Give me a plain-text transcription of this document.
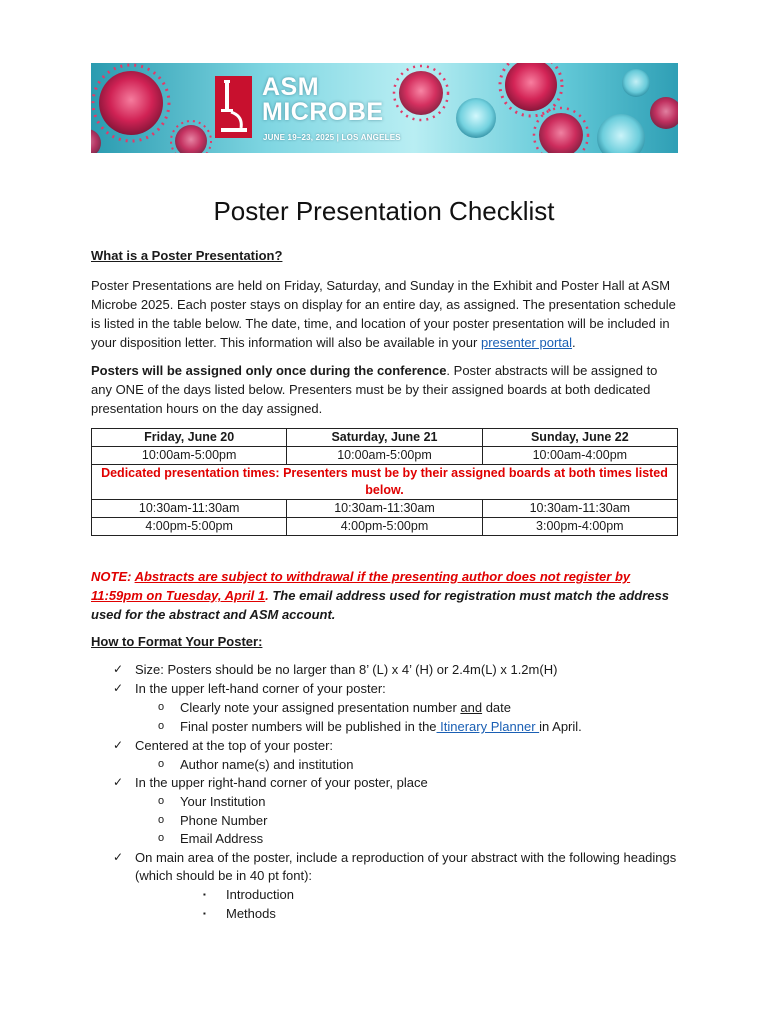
ASM
MICROBE
JUNE 19–23, 2025 | LOS ANGELES
Poster Presentation Checklist
What is a Poster Presentation?
Poster Presentations are held on Friday, Saturday, and Sunday in the Exhibit and Poster Hall at ASM Microbe 2025. Each poster stays on display for an entire day, as assigned. The presentation schedule is listed in the table below. The date, time, and location of your poster presentation will be included in your disposition letter. This information will also be available in your presenter portal.
Posters will be assigned only once during the conference. Poster abstracts will be assigned to any ONE of the days listed below. Presenters must be by their assigned boards at both dedicated presentation hours on the day assigned.
Friday, June 20	Saturday, June 21	Sunday, June 22
10:00am-5:00pm	10:00am-5:00pm	10:00am-4:00pm
Dedicated presentation times: Presenters must be by their assigned boards at both times listed below.		
10:30am-11:30am	10:30am-11:30am	10:30am-11:30am
4:00pm-5:00pm	4:00pm-5:00pm	3:00pm-4:00pm
NOTE: Abstracts are subject to withdrawal if the presenting author does not register by 11:59pm on Tuesday, April 1. The email address used for registration must match the address used for the abstract and ASM account.
How to Format Your Poster:
✓ Size: Posters should be no larger than 8’ (L) x 4’ (H) or 2.4m(L) x 1.2m(H)
✓ In the upper left-hand corner of your poster:
o Clearly note your assigned presentation number and date
o Final poster numbers will be published in the Itinerary Planner in April.
✓ Centered at the top of your poster:
o Author name(s) and institution
✓ In the upper right-hand corner of your poster, place
o Your Institution
o Phone Number
o Email Address
✓ On main area of the poster, include a reproduction of your abstract with the following headings
(which should be in 40 pt font):
▪ Introduction
▪ Methods
